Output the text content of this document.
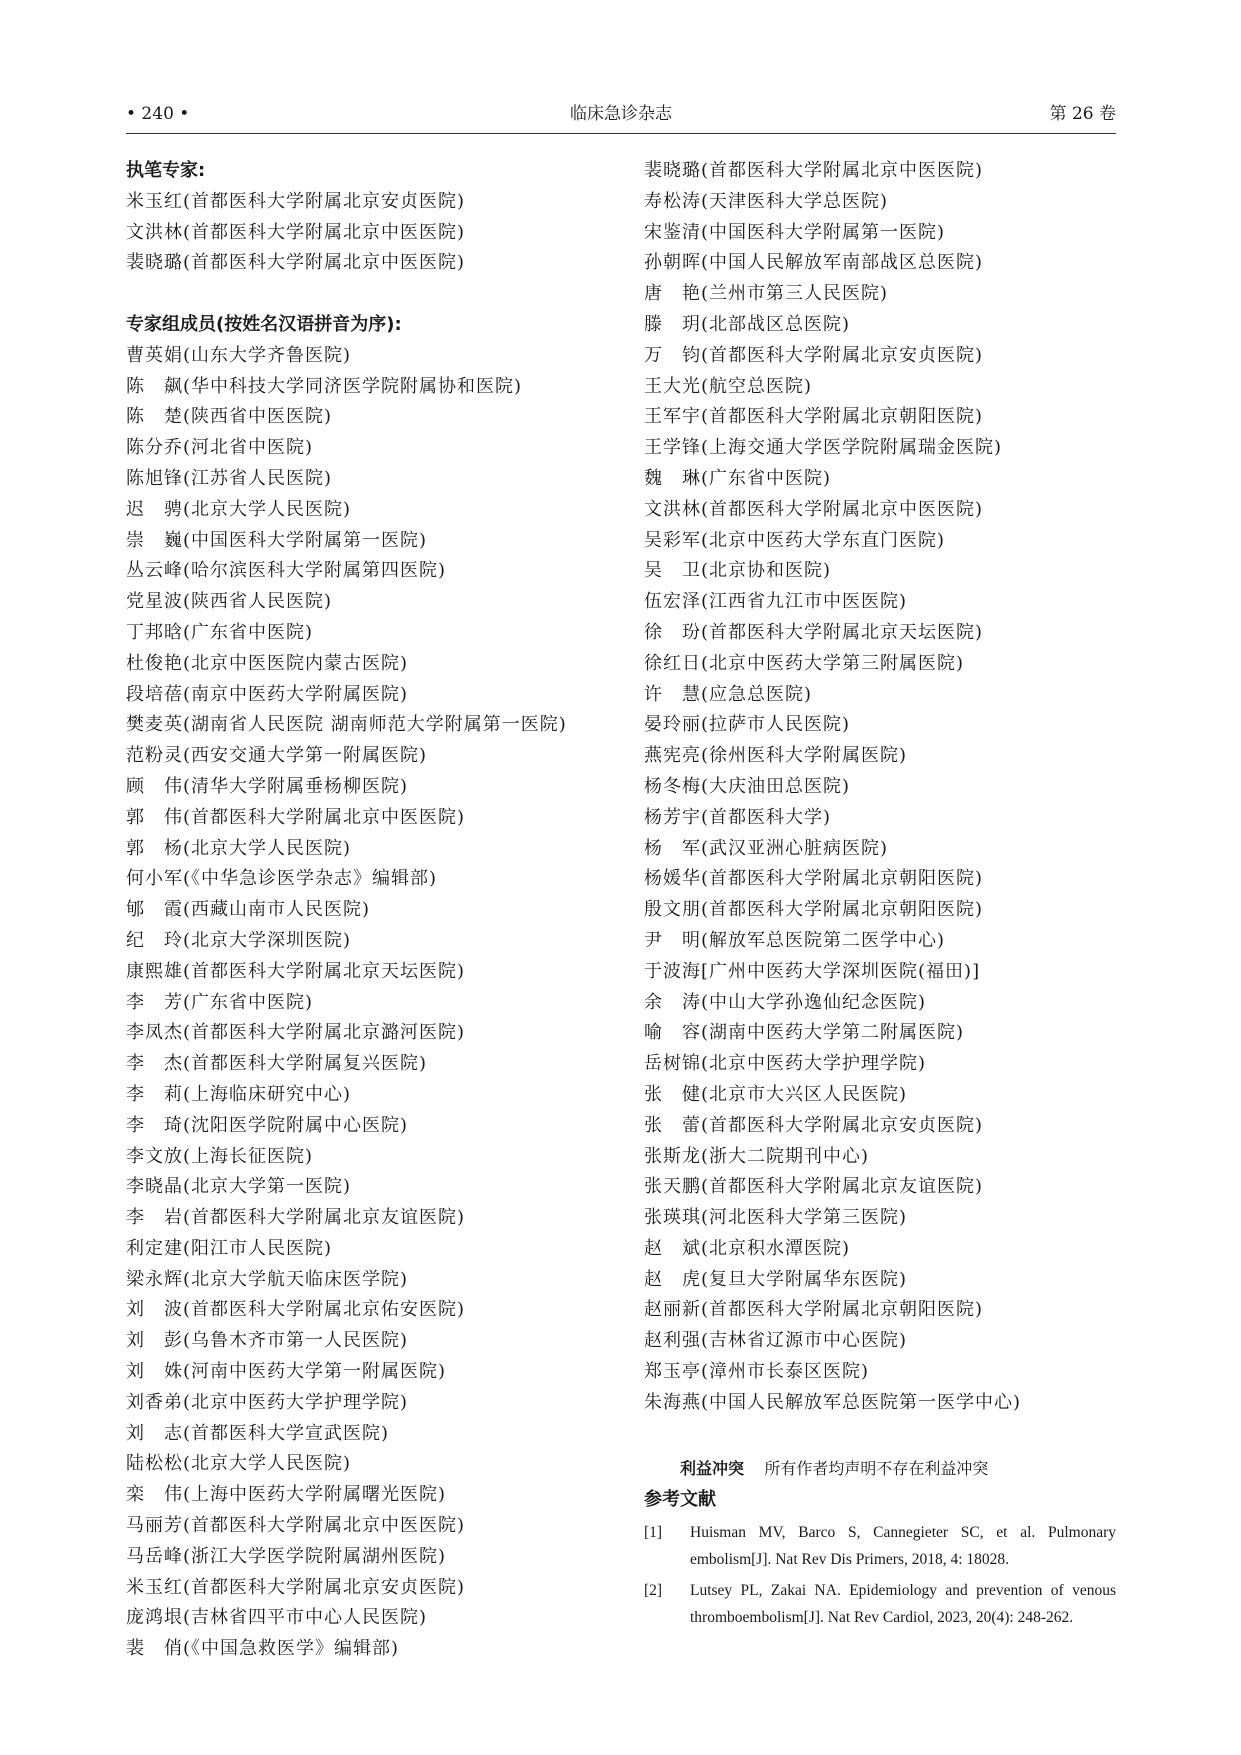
临床急诊杂志
• 240 •	第 26 卷
执笔专家:
米玉红(首都医科大学附属北京安贞医院)
文洪林(首都医科大学附属北京中医医院)
裴晓璐(首都医科大学附属北京中医医院)
专家组成员(按姓名汉语拼音为序):
曹英娟(山东大学齐鲁医院)
陈　飙(华中科技大学同济医学院附属协和医院)
陈　楚(陕西省中医医院)
陈分乔(河北省中医院)
陈旭锋(江苏省人民医院)
迟　骋(北京大学人民医院)
崇　巍(中国医科大学附属第一医院)
丛云峰(哈尔滨医科大学附属第四医院)
党星波(陕西省人民医院)
丁邦晗(广东省中医院)
杜俊艳(北京中医医院内蒙古医院)
段培蓓(南京中医药大学附属医院)
樊麦英(湖南省人民医院 湖南师范大学附属第一医院)
范粉灵(西安交通大学第一附属医院)
顾　伟(清华大学附属垂杨柳医院)
郭　伟(首都医科大学附属北京中医医院)
郭　杨(北京大学人民医院)
何小军(《中华急诊医学杂志》编辑部)
郇　霞(西藏山南市人民医院)
纪　玲(北京大学深圳医院)
康熙雄(首都医科大学附属北京天坛医院)
李　芳(广东省中医院)
李凤杰(首都医科大学附属北京潞河医院)
李　杰(首都医科大学附属复兴医院)
李　莉(上海临床研究中心)
李　琦(沈阳医学院附属中心医院)
李文放(上海长征医院)
李晓晶(北京大学第一医院)
李　岩(首都医科大学附属北京友谊医院)
利定建(阳江市人民医院)
梁永辉(北京大学航天临床医学院)
刘　波(首都医科大学附属北京佑安医院)
刘　彭(乌鲁木齐市第一人民医院)
刘　姝(河南中医药大学第一附属医院)
刘香弟(北京中医药大学护理学院)
刘　志(首都医科大学宣武医院)
陆松松(北京大学人民医院)
栾　伟(上海中医药大学附属曙光医院)
马丽芳(首都医科大学附属北京中医医院)
马岳峰(浙江大学医学院附属湖州医院)
米玉红(首都医科大学附属北京安贞医院)
庞鸿垠(吉林省四平市中心人民医院)
裴　俏(《中国急救医学》编辑部)
裴晓璐(首都医科大学附属北京中医医院)
寿松涛(天津医科大学总医院)
宋鉴清(中国医科大学附属第一医院)
孙朝晖(中国人民解放军南部战区总医院)
唐　艳(兰州市第三人民医院)
滕　玥(北部战区总医院)
万　钧(首都医科大学附属北京安贞医院)
王大光(航空总医院)
王军宇(首都医科大学附属北京朝阳医院)
王学锋(上海交通大学医学院附属瑞金医院)
魏　琳(广东省中医院)
文洪林(首都医科大学附属北京中医医院)
吴彩军(北京中医药大学东直门医院)
吴　卫(北京协和医院)
伍宏泽(江西省九江市中医医院)
徐　玢(首都医科大学附属北京天坛医院)
徐红日(北京中医药大学第三附属医院)
许　慧(应急总医院)
晏玲丽(拉萨市人民医院)
燕宪亮(徐州医科大学附属医院)
杨冬梅(大庆油田总医院)
杨芳宇(首都医科大学)
杨　军(武汉亚洲心脏病医院)
杨媛华(首都医科大学附属北京朝阳医院)
殷文朋(首都医科大学附属北京朝阳医院)
尹　明(解放军总医院第二医学中心)
于波海[广州中医药大学深圳医院(福田)]
余　涛(中山大学孙逸仙纪念医院)
喻　容(湖南中医药大学第二附属医院)
岳树锦(北京中医药大学护理学院)
张　健(北京市大兴区人民医院)
张　蕾(首都医科大学附属北京安贞医院)
张斯龙(浙大二院期刊中心)
张天鹏(首都医科大学附属北京友谊医院)
张瑛琪(河北医科大学第三医院)
赵　斌(北京积水潭医院)
赵　虎(复旦大学附属华东医院)
赵丽新(首都医科大学附属北京朝阳医院)
赵利强(吉林省辽源市中心医院)
郑玉亭(漳州市长泰区医院)
朱海燕(中国人民解放军总医院第一医学中心)
利益冲突 所有作者均声明不存在利益冲突
参考文献
[1] Huisman MV, Barco S, Cannegieter SC, et al. Pulmonary embolism[J]. Nat Rev Dis Primers, 2018, 4: 18028.
[2] Lutsey PL, Zakai NA. Epidemiology and prevention of venous thromboembolism[J]. Nat Rev Cardiol, 2023, 20(4): 248-262.
